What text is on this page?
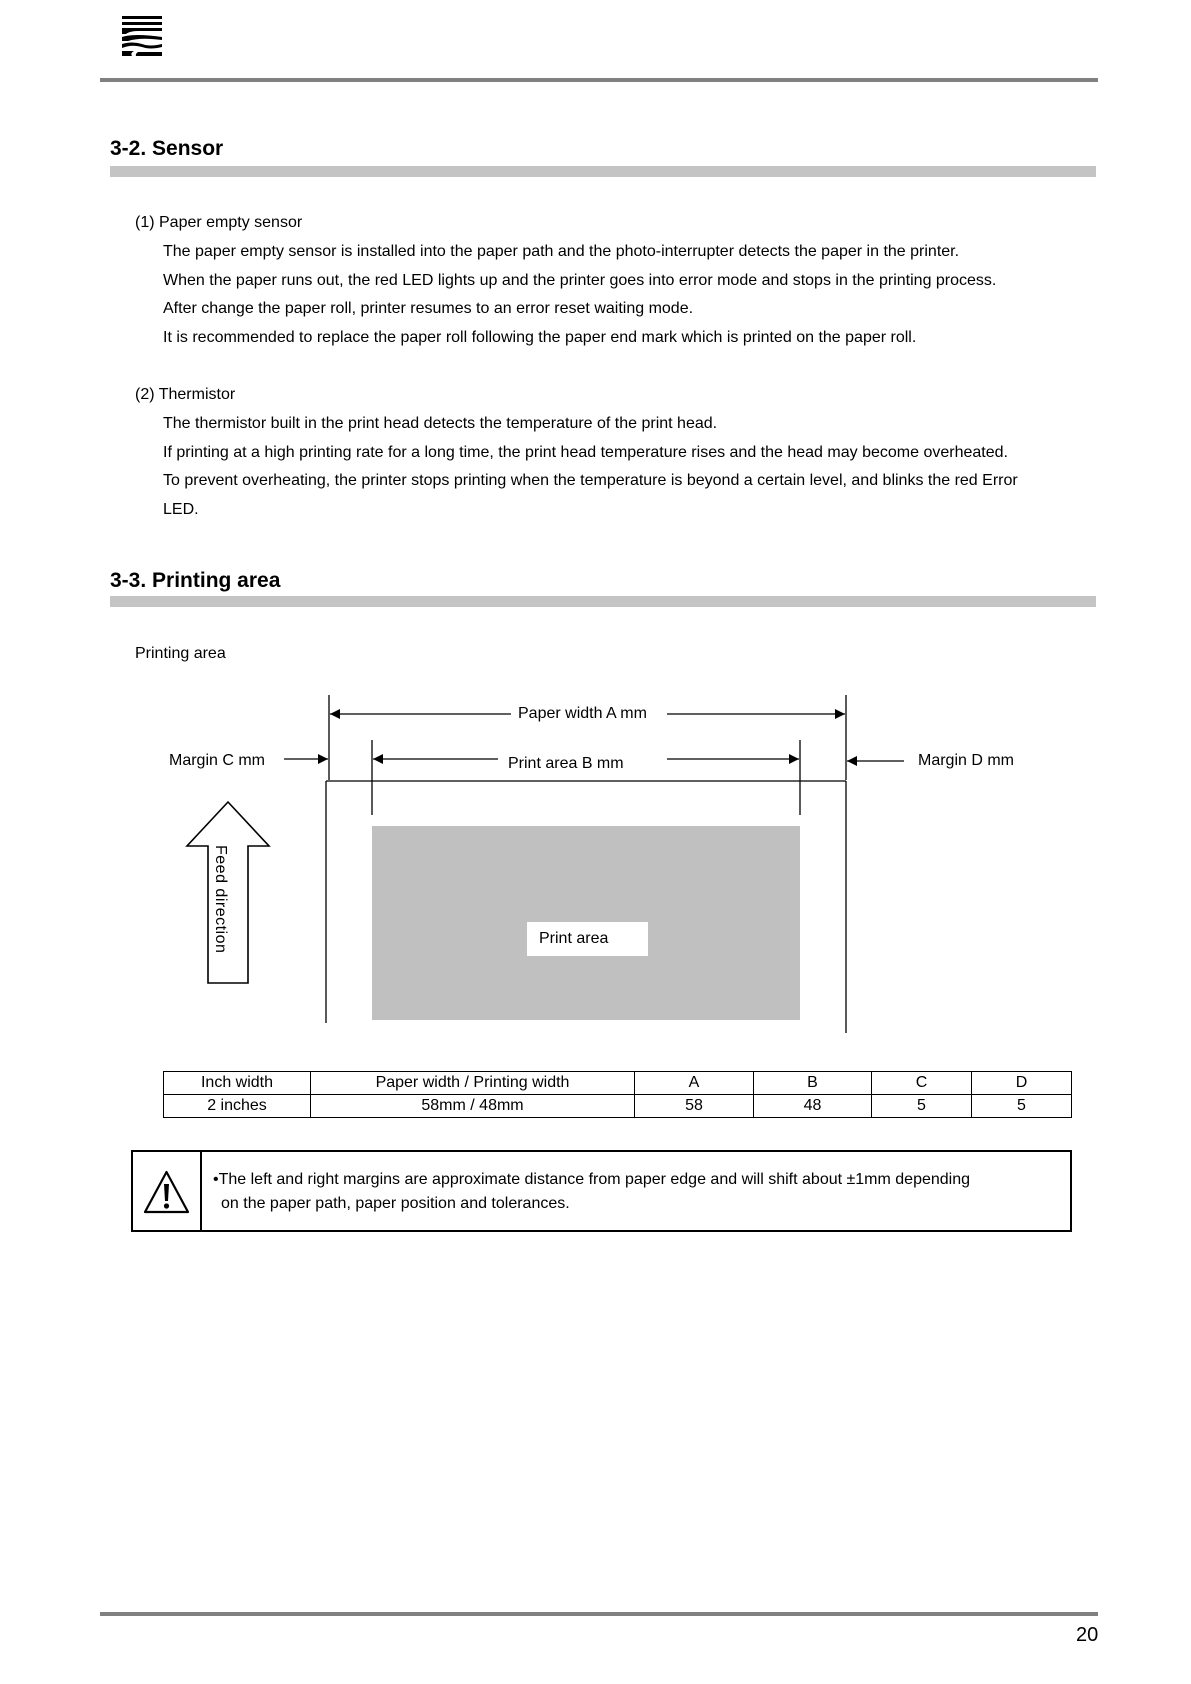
3-2. Sensor
(1) Paper empty sensor

The paper empty sensor is installed into the paper path and the photo-interrupter detects the paper in the printer.

When the paper runs out, the red LED lights up and the printer goes into error mode and stops in the printing process.

After change the paper roll, printer resumes to an error reset waiting mode.

It is recommended to replace the paper roll following the paper end mark which is printed on the paper roll.

(2) Thermistor

The thermistor built in the print head detects the temperature of the print head.

If printing at a high printing rate for a long time, the print head temperature rises and the head may become overheated.

To prevent overheating, the printer stops printing when the temperature is beyond a certain level, and blinks the red Error

LED.

3-3. Printing area
Printing area
Paper width A mm
Print area B mm
Margin C mm	Margin D mm
Print area
Feed direction
Inch width	Paper width / Printing width	A	B	C	D
2 inches	58mm / 48mm	58	48	5	5
•The left and right margins are approximate distance from paper edge and will shift about ±1mm depending
on the paper path, paper position and tolerances.
20
